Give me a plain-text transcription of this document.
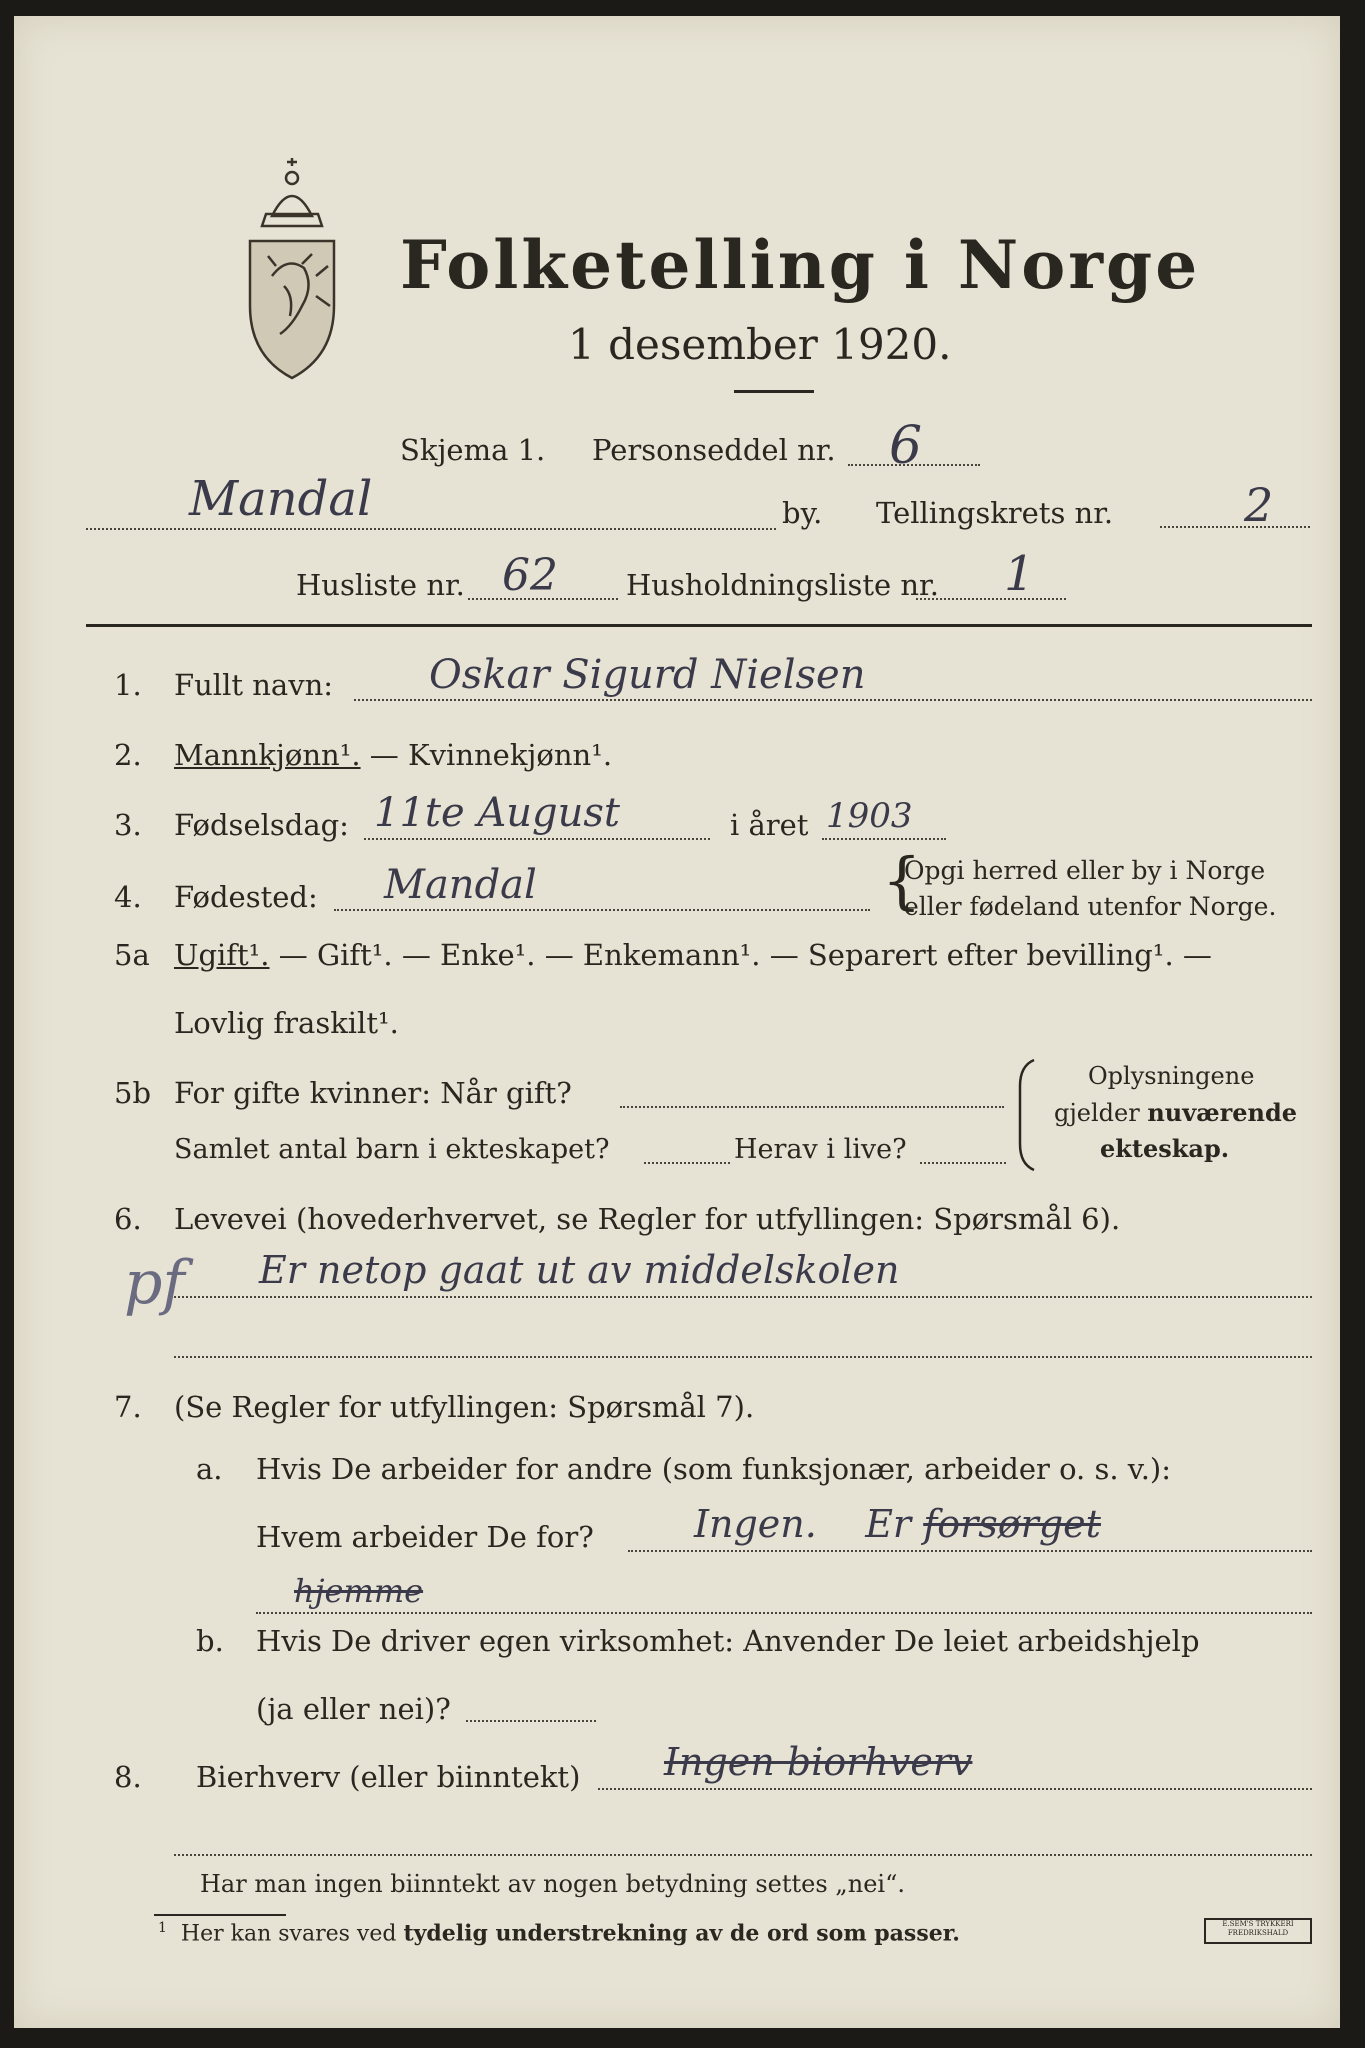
Folketelling i Norge
1 desember 1920.
Skjema 1. Personseddel nr. 6
Mandal	by. Tellingskrets nr.	2
Husliste nr. 62 Husholdningsliste nr. 1
1. Fullt navn: Oskar Sigurd Nielsen
2. Mannkjønn¹. — Kvinnekjønn¹.
3. Fødselsdag: 11te August	i året 1903
4. Fødested: Mandal	{
Opgi herred eller by i Norge
eller fødeland utenfor Norge.
5a Ugift¹. — Gift¹. — Enke¹. — Enkemann¹. — Separert efter bevilling¹. —
Lovlig fraskilt¹.
5b For gifte kvinner: Når gift?
Samlet antal barn i ekteskapet?	Herav i live?
Oplysningene
gjelder nuværende
ekteskap.
6. Levevei (hovederhvervet, se Regler for utfyllingen: Spørsmål 6).
pf Er netop gaat ut av middelskolen
7. (Se Regler for utfyllingen: Spørsmål 7).
a. Hvis De arbeider for andre (som funksjonær, arbeider o. s. v.):
Hvem arbeider De for?	Ingen. Er forsørget
hjemme
b. Hvis De driver egen virksomhet: Anvender De leiet arbeidshjelp
(ja eller nei)?
8. Bierhverv (eller biinntekt) Ingen biorhverv
Har man ingen biinntekt av nogen betydning settes „nei“.
$^1$ Her kan svares ved tydelig understrekning av de ord som passer.	E.SEM'S TRYKKERI FREDRIKSHALD
